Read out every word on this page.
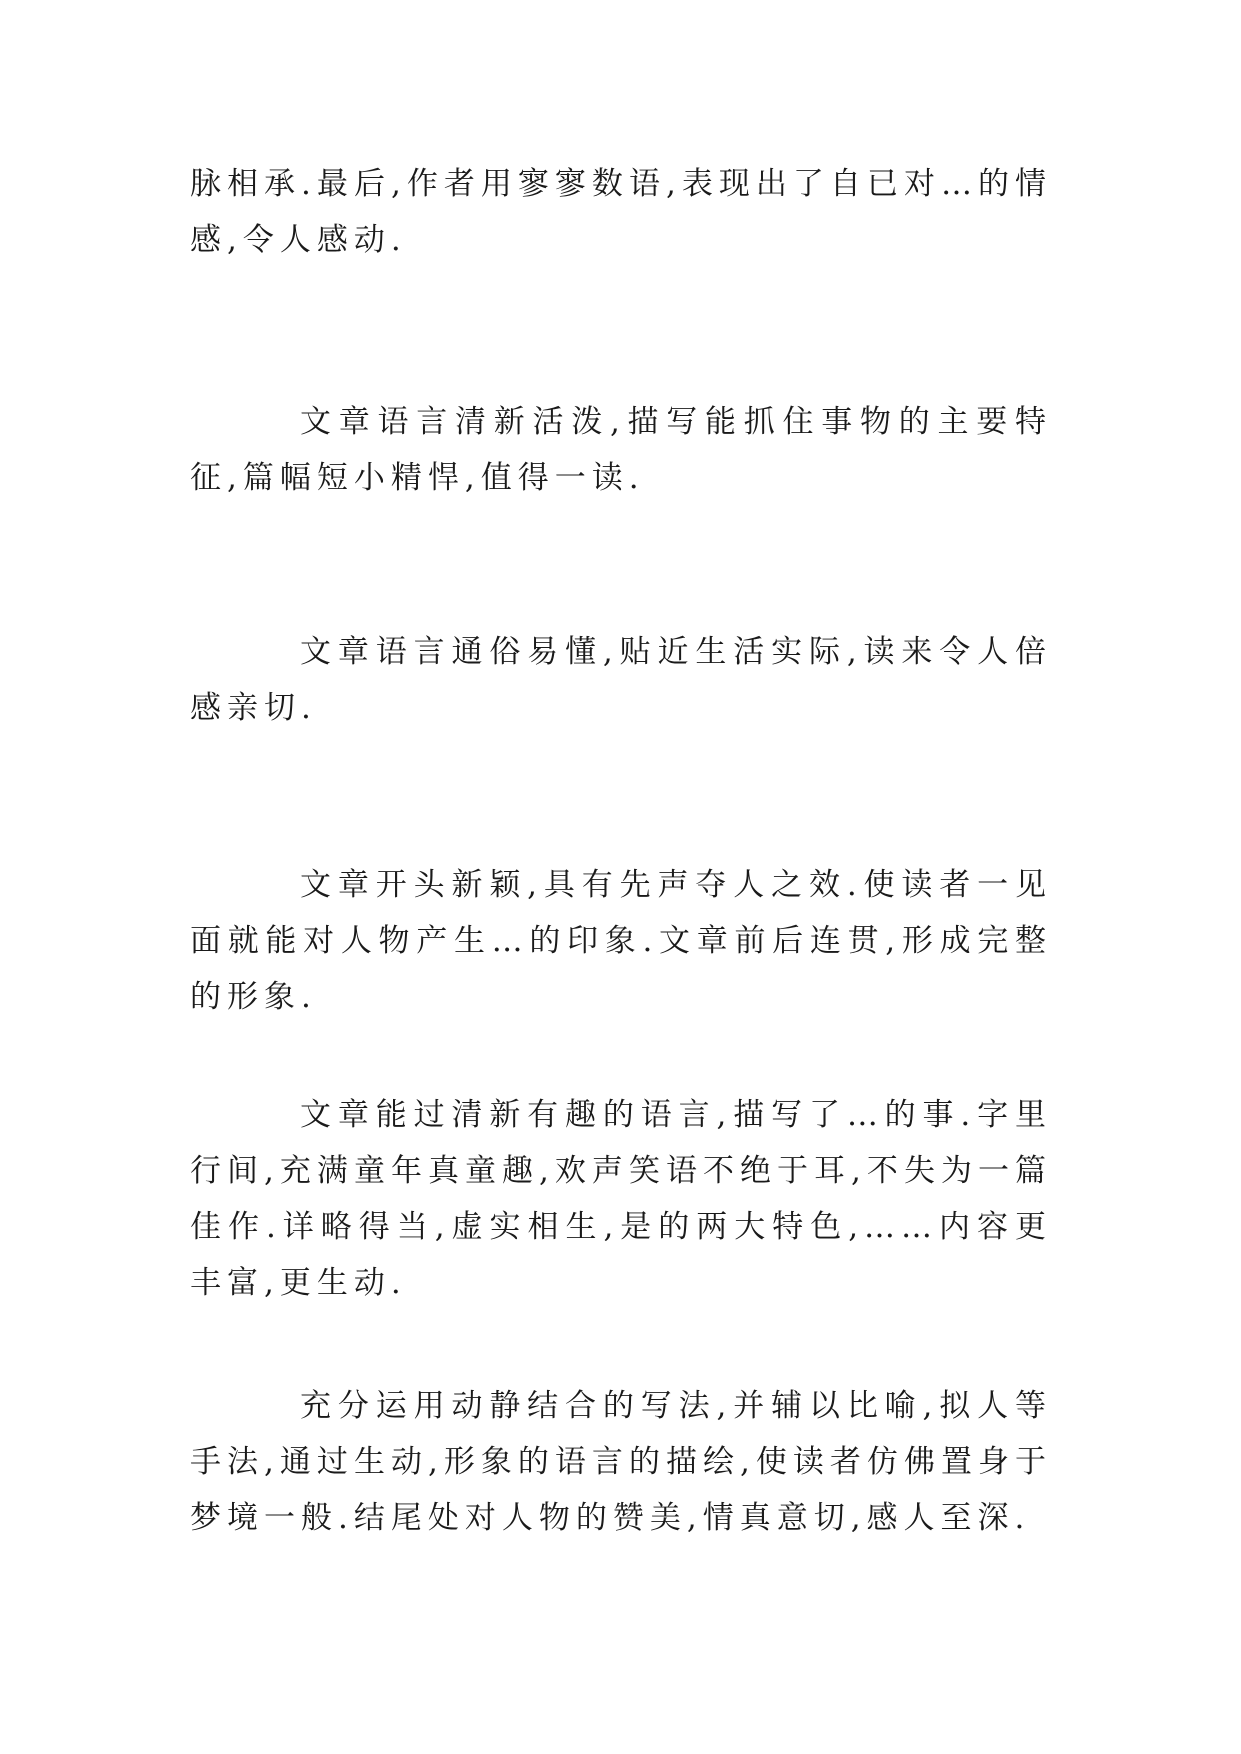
脉相承.最后,作者用寥寥数语,表现出了自已对…的情感,令人感动.

文章语言清新活泼,描写能抓住事物的主要特征,篇幅短小精悍,值得一读.

文章语言通俗易懂,贴近生活实际,读来令人倍感亲切.

文章开头新颖,具有先声夺人之效.使读者一见面就能对人物产生…的印象.文章前后连贯,形成完整的形象.

文章能过清新有趣的语言,描写了…的事.字里行间,充满童年真童趣,欢声笑语不绝于耳,不失为一篇佳作.详略得当,虚实相生,是的两大特色,……内容更丰富,更生动.

充分运用动静结合的写法,并辅以比喻,拟人等手法,通过生动,形象的语言的描绘,使读者仿佛置身于梦境一般.结尾处对人物的赞美,情真意切,感人至深.
